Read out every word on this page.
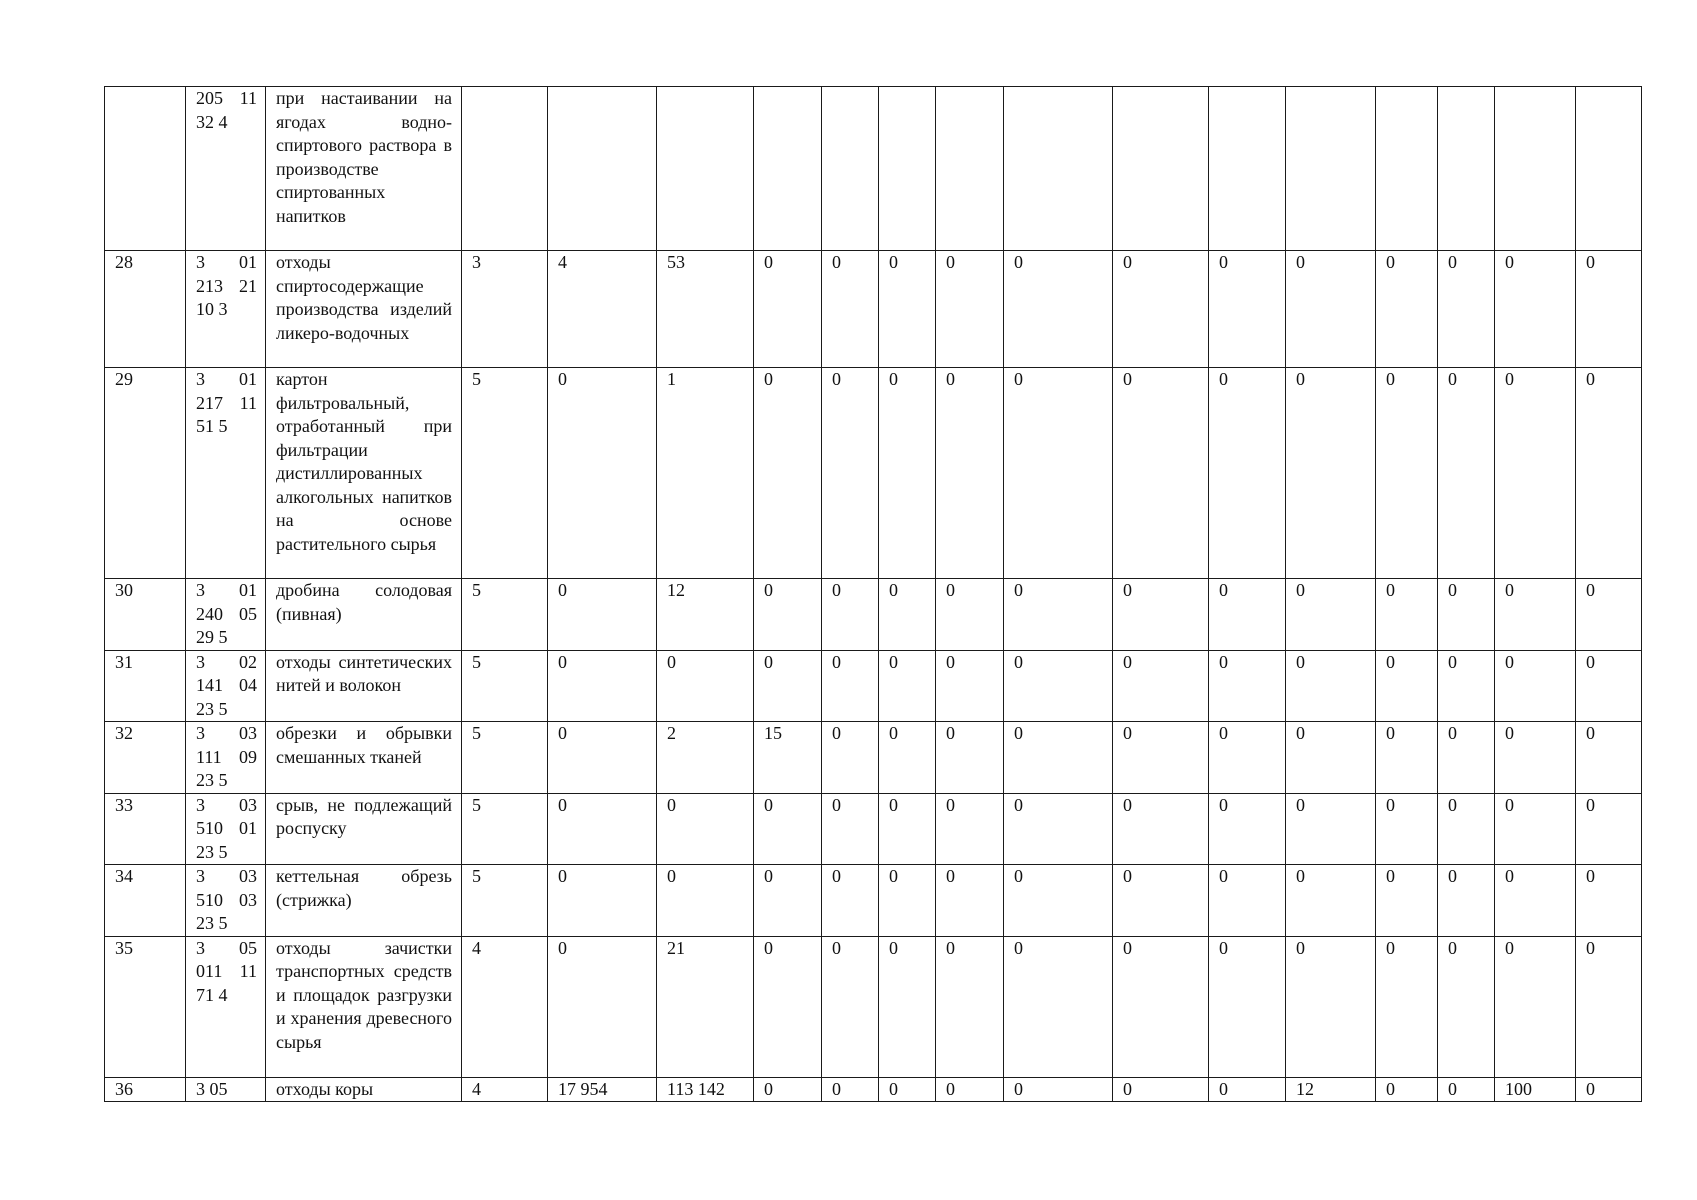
	205 11 32 4	при настаивании на ягодах водно-спиртового раствора в производстве спиртованных напитков															
28	3 01 213 21 10 3	отходы спиртосодержащие производства изделий ликеро-водочных	3	4	53	0	0	0	0	0	0	0	0	0	0	0	0
29	3 01 217 11 51 5	картон фильтровальный, отработанный при фильтрации дистиллированных алкогольных напитков на основе растительного сырья	5	0	1	0	0	0	0	0	0	0	0	0	0	0	0
30	3 01 240 05 29 5	дробина солодовая (пивная)	5	0	12	0	0	0	0	0	0	0	0	0	0	0	0
31	3 02 141 04 23 5	отходы синтетических нитей и волокон	5	0	0	0	0	0	0	0	0	0	0	0	0	0	0
32	3 03 111 09 23 5	обрезки и обрывки смешанных тканей	5	0	2	15	0	0	0	0	0	0	0	0	0	0	0
33	3 03 510 01 23 5	срыв, не подлежащий роспуску	5	0	0	0	0	0	0	0	0	0	0	0	0	0	0
34	3 03 510 03 23 5	кеттельная обрезь (стрижка)	5	0	0	0	0	0	0	0	0	0	0	0	0	0	0
35	3 05 011 11 71 4	отходы зачистки транспортных средств и площадок разгрузки и хранения древесного сырья	4	0	21	0	0	0	0	0	0	0	0	0	0	0	0
36	3 05	отходы коры	4	17 954	113 142	0	0	0	0	0	0	0	12	0	0	100	0
